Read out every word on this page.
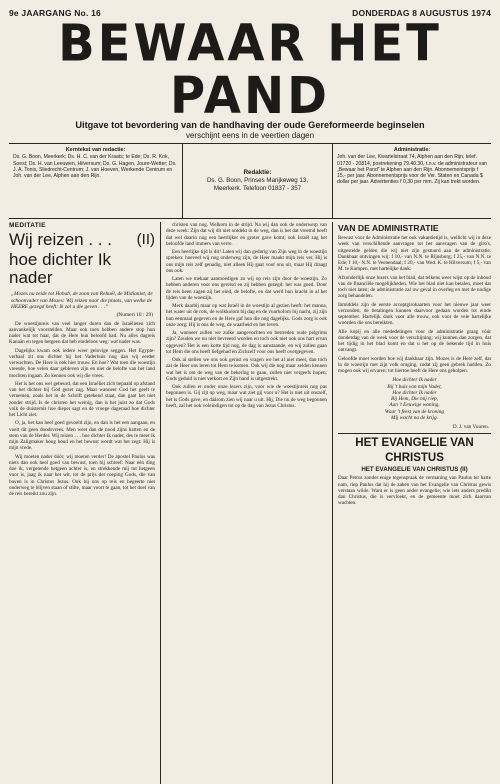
9e JAARGANG No. 16	DONDERDAG 8 AUGUSTUS 1974
BEWAAR HET PAND
Uitgave tot bevordering van de handhaving der oude Gereformeerde beginselen
verschijnt eens in de veertien dagen
Kerntekst van redactie:
Ds. G. Boon, Meerkerk; Ds. H. C. van der Kraats; te Ede; Ds. R. Kok, Soest; Ds. H. van Leeuwen, Hilversum; Ds. G. Hagen, Joure-Wetter; Ds. J. A. Tonis, Sliedrecht-Centrum; J. van Hoeven, Werkende Centrum en Joh. van der Lee, Alphen aan den Rijn.
Redaktie:
Ds. G. Boon, Prinses Marijkeweg 13,
Meerkerk. Telefoon 01837 - 357
Administratie:
Joh. van der Lee, Kwartelstraat 74, Alphen aan den Rijn, telef. 01720 - 20814, postrekening 79.40.30, t.n.v. de administrateur van „Bewaar het Pand” te Alphen aan den Rijn. Abonnementsprijs f 15,- per jaar. Abonnementsprijs voor de Ver. Staten en Canada $ dollar per jaar. Advertenties f 0,30 per mm. Zij kan trekt worden.
MEDITATIE
Wij reizen . . . (II)
hoe dichter Ik nader
„Mozes nu zeide tot Hobab, de zoon van Rehuël, de Midianiet, de schoonvader van Mozes: Wij reizen naar die plaats, van welke de HEERE gezegd heeft: Ik zal u die geven . . .”
(Numeri 10 : 29)

De woestijnreis van veel langer duren dan de Israëlieten zich aanvankelijk voorstelden. Maar ook toen hebben andere stop hun nader wat tot haar, dat de Here hun beloofd had. Nu alles dagreis Kanaän en tegen hetgeen dat heb eindeloos weg: wat nader was.

Dagelijks kwam ook iedere weer gelovige seggen. Het Egypte-verhaal zit ons dichter bij het Vaderhuis nog dan wij eerder verwachten. De Here is ook hier trouw. En hoe? Wat toen die woestijn vreesde, hoe velen daar gebleven zijn en niet de belofte van het land mochten ingaan. Zo kennen ook wij die vrees.

Het is het ons wel gebeurd, dat een Israëliet zich bepaald op afstand van het dichter bij God gezet zag. Maar wanneer God het geeft te vernemen, zoals het in de Schrift getekend staat, dan gaat het niet zonder strijd. Is de christen het weinig, dan is het juist zo dat Gods volk de duisternis hoe dieper sagt en de vroege dageraad hoe dichter het Licht ziet.

O, ja, het kan heel goed gevoeld zijn, en dan is het een aangaan, en voelt dit geen doodsvrees. Men weet dan de nood zijns harten en de stem van de Herder. Wij reizen . . . hoe dichter Ik nader, des te meer ik mijn Zaligmaker hoog houd en het bewust wordt wat het zegt: Hij is mijn vrede.

Wij moeten nader dóór, wij moeten verder! De apostel Paulus was niets dan ook heel goed van bewust, toen hij schreef: Naar één ding doe ik, vergetende hetgeen achter is, en strekkende mij tot hetgeen voor is, jaag ik naar het wit, tot de prijs der roeping Gods, die van boven is in Christus Jezus. Ook bij ons op reis en begeerte niet onderweg te blijven staan of stilte, maar voort te gaan, tot het doel van de reis bereikt zou zijn.

christen van nog. Welkom in de strijd. Na wij dan ook de onderwerp van deze week: Zijn dat wij dit niet ontdekt in de weg, dan is het dat vreemd heeft dat wel daarin nog een heerlijker en groter gave komt; ook Israël zag het beloofde land immers van verre.

Een heerlijke tijd is dit! Laten wij dan gedurig van Zijn weg in de woestijn spreken: hoeveel wij nog onderweg zijn, de Heer maakt mijn reis ver, Hij is ons mijn reis zelf genadig, niet alleen Hij gaat voor ons uit, maar Hij draagt ons ook.

Laten we mekaar aanmoedigen zo wij op reis zijn door de woestijn. Zo hebben anderen voor ons gereisd en zij hebben gezegd: het was goed. Door de reis heen zagen zij het eind, de belofte, en dat werd hun kracht in al het lijden van de woestijn.

Merk daarbij maar op wat Israël in de woestijn al gezien heeft: het manna, het water uit de rots, de wolkkolom bij dag en de vuurkolom bij nacht, zij zijn hun eenmaal gegeven en de Here gaf hun die nog dagelijks. Gods zorg is ook onze zorg; Hij is ons de weg, de waarheid en het leven.

Ja, wanneer zullen we zulke aangevochten en bestreden oude pelgrims zijn? Zouden we nu niet bevreesd worden en toch ook niet ook ons hart ervan opgeven? Het is een korte tijd nog, de dag is aanstaande, en wij zullen gaan tot Hem die ons heeft liefgehad en Zichzelf voor ons heeft overgegeven.

Ook al stellen we ons ook gerust en vragen we het al niet meer, dan tóch zal de Heer ons leren tot Hem te komen. Ook wij die nog maar zelden kennen wat het is om de weg van de bekering te gaan, zullen niet vergeefs hopen; Gods geduld is niet verkort en Zijn hand is uitgestrekt.

Ook zullen er onder onze lezers zijn, voor wie de woestijnreis nog pas begonnen is. Gij zijt op weg, maar wat ziet gij voor u? Het is niet uit onszelf, het is Gods gave, en dáárom zien wij naar u uit. Hij, Die nu de weg begonnen heeft, zal het ook voleindigen tot op de dag van Jezus Christus.

VAN DE ADMINISTRATIE

Bewust voor de Administratie het ook vakantietijd is, wellicht wij in deze week van verschillende aanvragen tot het aanvragen van de giro's, uitgestelde gelden die wij niet zijn gestuurd aan de administratie. Dankbaar ontvingen wij: f 10,- van N.N. te Rijnsburg; f 25,- van N.N. te Ede; f 10,- N.N. te Veenendaal; f 20,- van Wed. K. te Hilversum; f 5,- van M. te Kampen, met hartelijke dank.

Afzonderlijk onze lezers van het blad, dat telkens weer wijst op de inhoud van de financiële mogelijkheden. Wie het blad niet kan betalen, moet dat toch niet laten; de administratie zal uw geval in overleg en met de nodige zorg behandelen.

Inmiddels zijn de eerste acceptgirokaarten voor het nieuwe jaar weer verzonden; de betalingen kunnen daarvoor gedaan worden tot einde september. Hartelijk dank voor alle trouw, ook voor de vele hartelijke woorden die ons bereikten.

Alle kopij en alle mededelingen voor de administratie graag vóór donderdag van de week voor de verschijning; wij kunnen dan zorgen, dat het tijdig in het blad komt en dat u het op de bekende tijd in huis ontvangt.

Geloofde moet worden hoe wij dankbaar zijn. Mozes is de Here zelf, dat in de woestijn met zijn volk omging, zodat zij geen gebrek hadden. Zo mogen ook wij ervaren: tot hiertoe heeft de Here ons geholpen.

Hoe dichter Ik nader
Bij 't huis van mijn Vader,
Hoe dichter Ik nader
Bij Hem, Die mij riep,
Aan 't Eeuwige woning,
Waar 't feest van de kroning
Mij wacht na de krijg.
D. J. van Vuuren.
HET EVANGELIE VAN
CHRISTUS
HET EVANGELIE VAN CHRISTUS (II)

Daar Petrus zonder enige tegenspraak de vermaning van Paulus ter harte nam, riep Paulus dat hij de zaken van het Evangelie van Christus gewis verstaan wilde. Want er is geen ander evangelie; wie iets anders predikt dan Christus, die is vervloekt, en de gemeente moet zich daarvan wachten.
